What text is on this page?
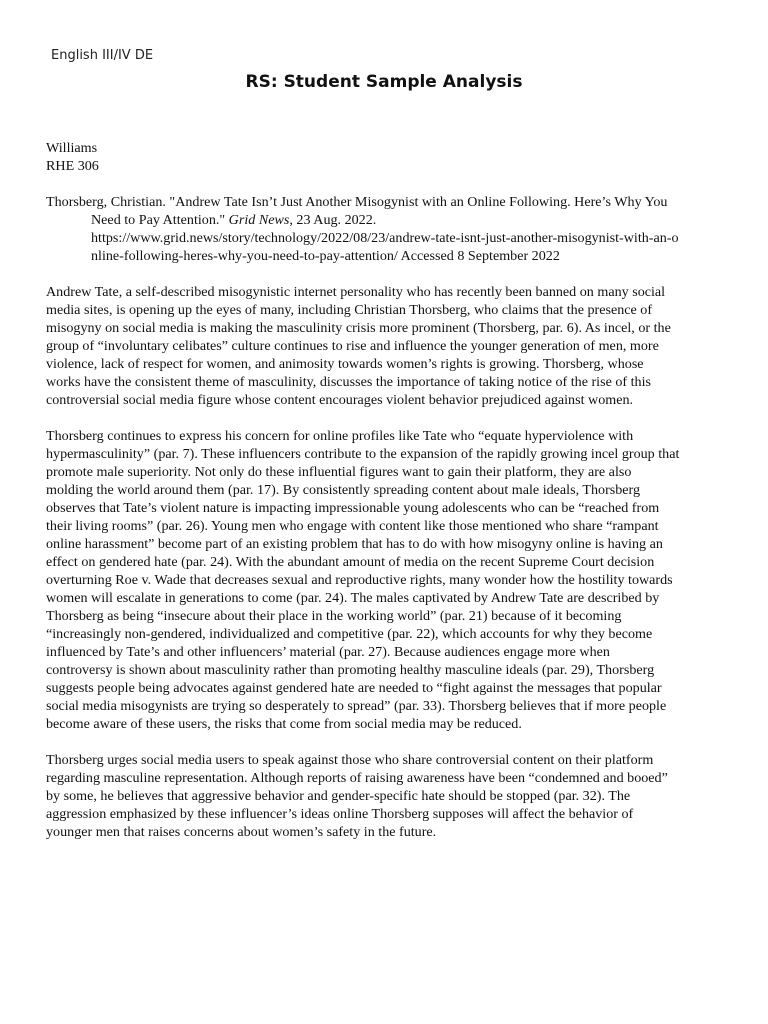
English III/IV DE
RS: Student Sample Analysis
Williams
RHE 306
Thorsberg, Christian. "Andrew Tate Isn’t Just Another Misogynist with an Online Following. Here’s Why You
Need to Pay Attention." Grid News, 23 Aug. 2022.
https://www.grid.news/story/technology/2022/08/23/andrew-tate-isnt-just-another-misogynist-with-an-o
nline-following-heres-why-you-need-to-pay-attention/ Accessed 8 September 2022
Andrew Tate, a self-described misogynistic internet personality who has recently been banned on many social
media sites, is opening up the eyes of many, including Christian Thorsberg, who claims that the presence of
misogyny on social media is making the masculinity crisis more prominent (Thorsberg, par. 6). As incel, or the
group of “involuntary celibates” culture continues to rise and influence the younger generation of men, more
violence, lack of respect for women, and animosity towards women’s rights is growing. Thorsberg, whose
works have the consistent theme of masculinity, discusses the importance of taking notice of the rise of this
controversial social media figure whose content encourages violent behavior prejudiced against women.
Thorsberg continues to express his concern for online profiles like Tate who “equate hyperviolence with
hypermasculinity” (par. 7). These influencers contribute to the expansion of the rapidly growing incel group that
promote male superiority. Not only do these influential figures want to gain their platform, they are also
molding the world around them (par. 17). By consistently spreading content about male ideals, Thorsberg
observes that Tate’s violent nature is impacting impressionable young adolescents who can be “reached from
their living rooms” (par. 26). Young men who engage with content like those mentioned who share “rampant
online harassment” become part of an existing problem that has to do with how misogyny online is having an
effect on gendered hate (par. 24). With the abundant amount of media on the recent Supreme Court decision
overturning Roe v. Wade that decreases sexual and reproductive rights, many wonder how the hostility towards
women will escalate in generations to come (par. 24). The males captivated by Andrew Tate are described by
Thorsberg as being “insecure about their place in the working world” (par. 21) because of it becoming
“increasingly non-gendered, individualized and competitive (par. 22), which accounts for why they become
influenced by Tate’s and other influencers’ material (par. 27). Because audiences engage more when
controversy is shown about masculinity rather than promoting healthy masculine ideals (par. 29), Thorsberg
suggests people being advocates against gendered hate are needed to “fight against the messages that popular
social media misogynists are trying so desperately to spread” (par. 33). Thorsberg believes that if more people
become aware of these users, the risks that come from social media may be reduced.
Thorsberg urges social media users to speak against those who share controversial content on their platform
regarding masculine representation. Although reports of raising awareness have been “condemned and booed”
by some, he believes that aggressive behavior and gender-specific hate should be stopped (par. 32). The
aggression emphasized by these influencer’s ideas online Thorsberg supposes will affect the behavior of
younger men that raises concerns about women’s safety in the future.
